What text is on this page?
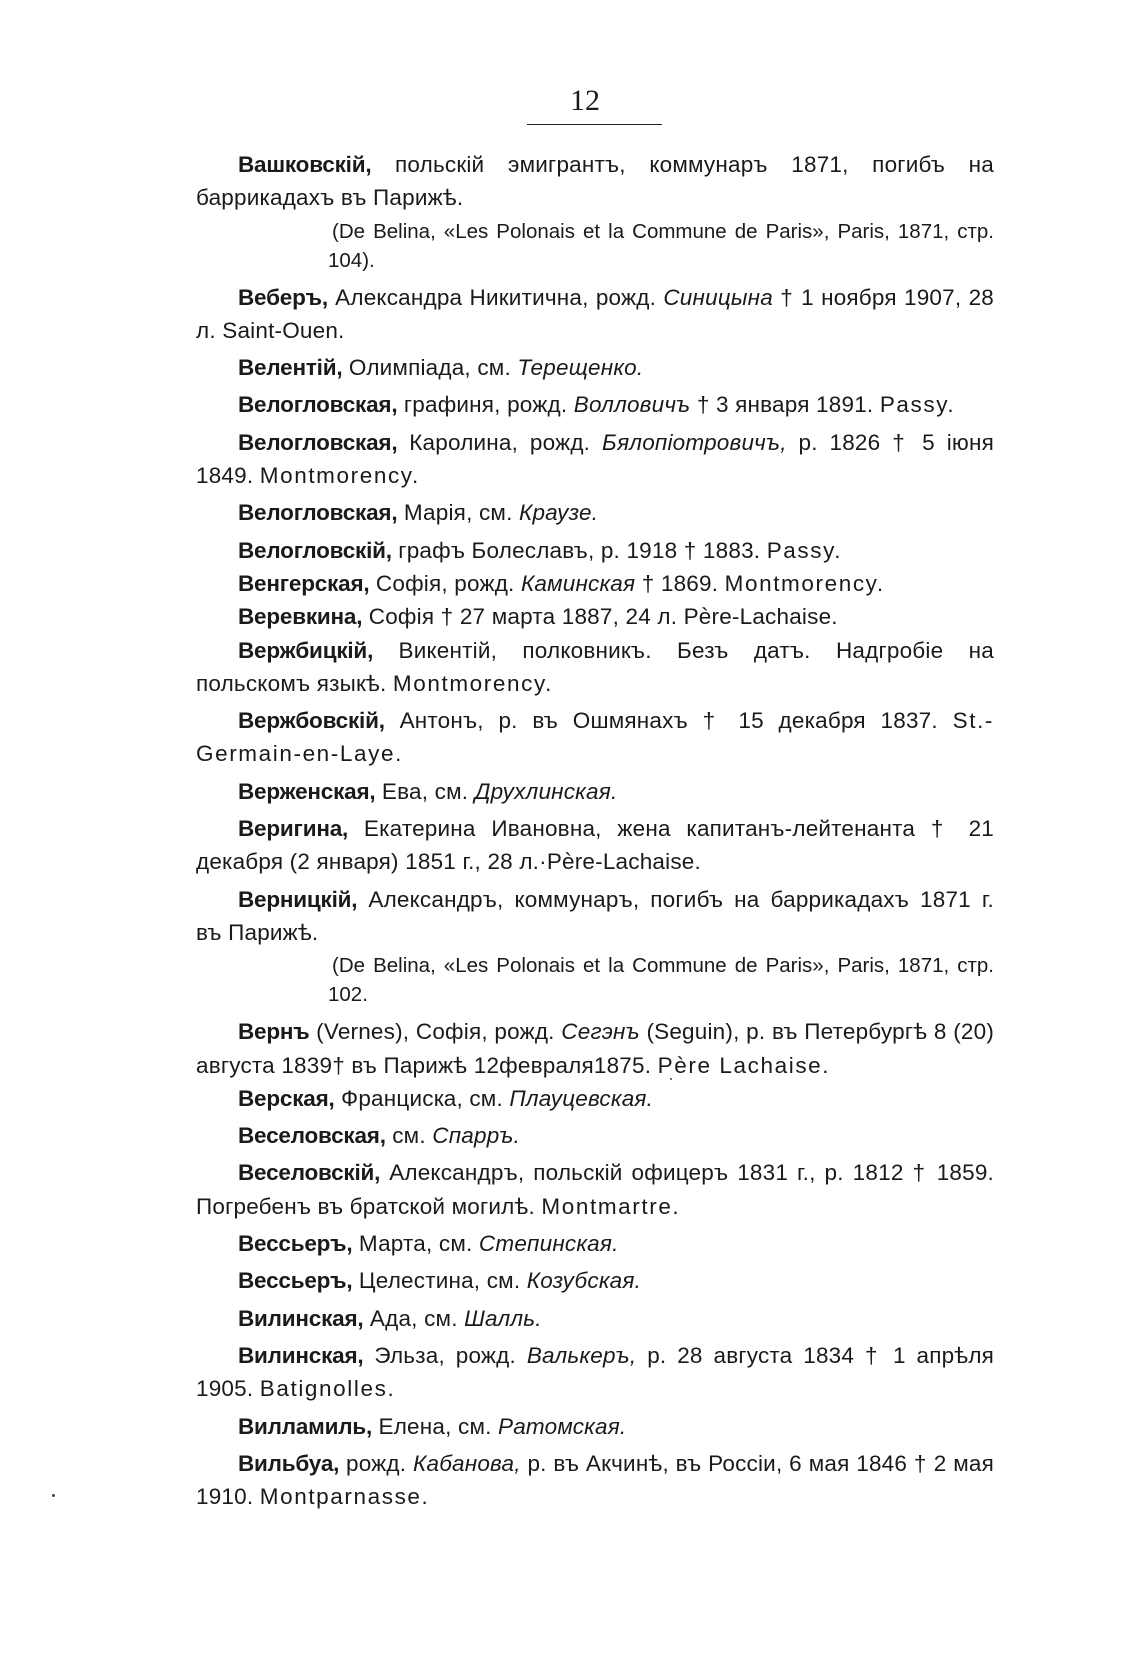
12

Вашковскій, польскій эмигрантъ, коммунаръ 1871, погибъ на баррикадахъ въ Парижѣ.

(De Belina, «Les Polonais et la Commune de Paris», Paris, 1871, стр. 104).

Веберъ, Александра Никитична, рожд. Синицына † 1 ноября 1907, 28 л. Saint-Ouen.

Велентій, Олимпіада, см. Терещенко.

Велогловская, графиня, рожд. Волловичъ † 3 января 1891. Passy.

Велогловская, Каролина, рожд. Бялопіотровичъ, р. 1826 † 5 іюня 1849. Montmorency.

Велогловская, Марія, см. Краузе.

Велогловскій, графъ Болеславъ, р. 1918 † 1883. Passy.

Венгерская, Софія, рожд. Каминская † 1869. Montmorency.

Веревкина, Софія † 27 марта 1887, 24 л. Père-Lachaise.

Вержбицкій, Викентій, полковникъ. Безъ датъ. Надгробіе на польскомъ языкѣ. Montmorency.

Вержбовскій, Антонъ, р. въ Ошмянахъ † 15 декабря 1837. St.-Germain-en-Laye.

Верженская, Ева, см. Друхлинская.

Веригина, Екатерина Ивановна, жена капитанъ-лейтенанта † 21 декабря (2 января) 1851 г., 28 л.·Père-Lachaise.

Верницкій, Александръ, коммунаръ, погибъ на баррикадахъ 1871 г. въ Парижѣ.

(De Belina, «Les Polonais et la Commune de Paris», Paris, 1871, стр. 102.

Вернъ (Vernes), Софія, рожд. Сегэнъ (Seguin), р. въ Петербургѣ 8 (20) августа 1839† въ Парижѣ 12февраля1875. Père Lachaise.

Верская, Францискa, см. Плауцевская.

Веселовская, см. Спарръ.

Веселовскій, Александръ, польскій офицеръ 1831 г., р. 1812 † 1859. Погребенъ въ братской могилѣ. Montmartre.

Вессьеръ, Марта, см. Степинская.

Вессьеръ, Целестина, см. Козубская.

Вилинская, Ада, см. Шалль.

Вилинская, Эльза, рожд. Валькеръ, р. 28 августа 1834 † 1 апрѣля 1905. Batignolles.

Вилламиль, Елена, см. Ратомская.

Вильбуа, рожд. Кабанова, р. въ Акчинѣ, въ Россіи, 6 мая 1846 † 2 мая 1910. Montparnasse.
